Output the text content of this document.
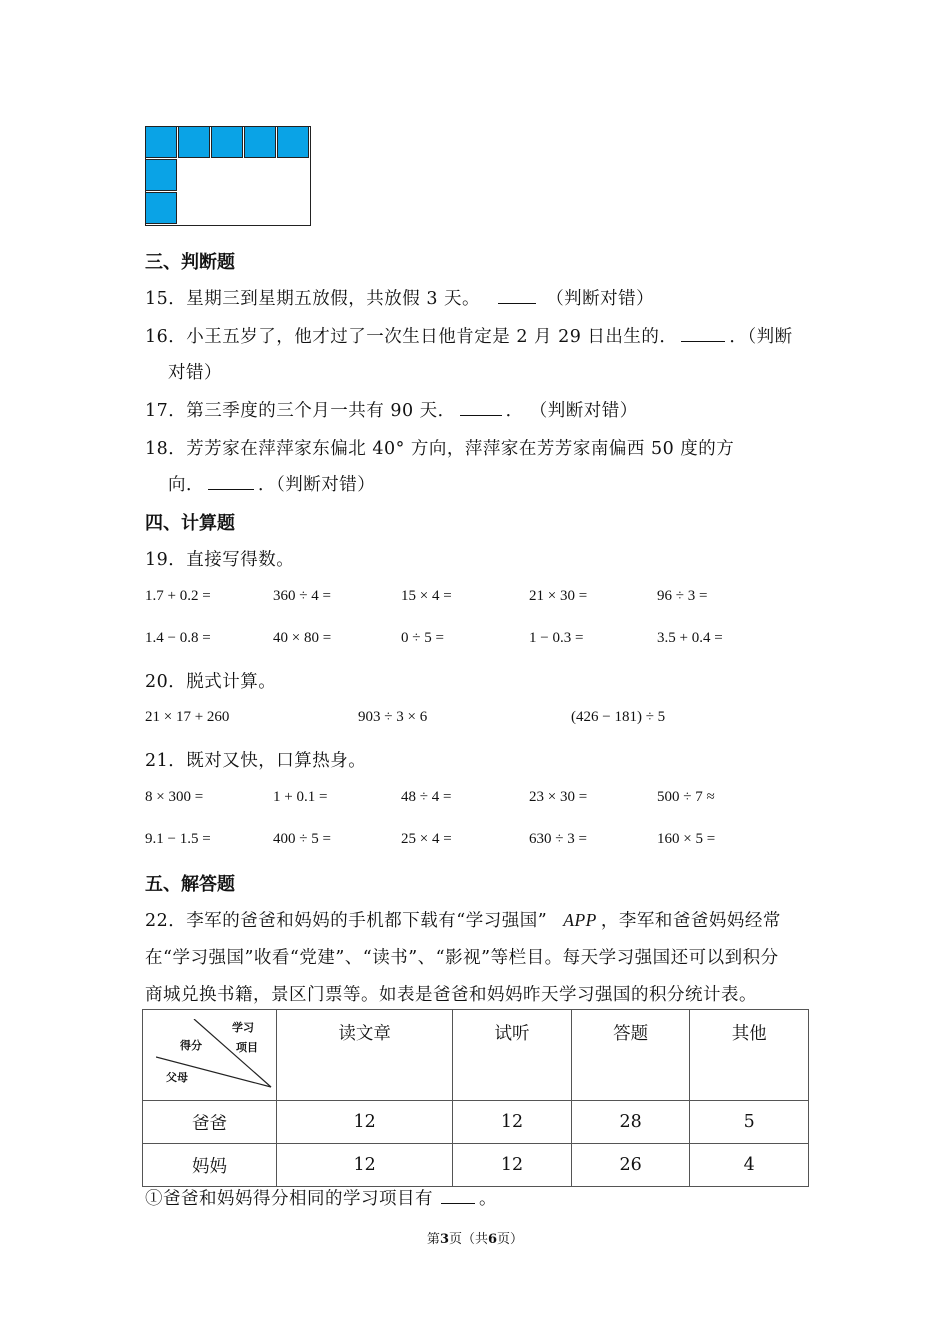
三、判断题
15．星期三到星期五放假，共放假 3 天。	（判断对错）
16．小王五岁了，他才过了一次生日他肯定是 2 月 29 日出生的．	．（判断
对错）
17．第三季度的三个月一共有 90 天．	． （判断对错）
18．芳芳家在萍萍家东偏北 40° 方向，萍萍家在芳芳家南偏西 50 度的方
向．	．（判断对错）
四、计算题
19．直接写得数。
1.7 + 0.2 =	360 ÷ 4 =	15 × 4 =	21 × 30 =	96 ÷ 3 =
1.4 − 0.8 =	40 × 80 =	0 ÷ 5 =	1 − 0.3 =	3.5 + 0.4 =
20．脱式计算。
21 × 17 + 260	903 ÷ 3 × 6	(426 − 181) ÷ 5
21．既对又快，口算热身。
8 × 300 =	1 + 0.1 =	48 ÷ 4 =	23 × 30 =	500 ÷ 7 ≈
9.1 − 1.5 =	400 ÷ 5 =	25 × 4 =	630 ÷ 3 =	160 × 5 =
五、解答题
22．李军的爸爸和妈妈的手机都下载有“学习强国” APP ，李军和爸爸妈妈经常
在“学习强国”收看“党建”、“读书”、“影视”等栏目。每天学习强国还可以到积分
商城兑换书籍，景区门票等。如表是爸爸和妈妈昨天学习强国的积分统计表。
学习
项目
得分
父母	读文章	试听	答题	其他
爸爸	12	12	28	5
妈妈	12	12	26	4
①爸爸和妈妈得分相同的学习项目有	。
第3页（共6页）
